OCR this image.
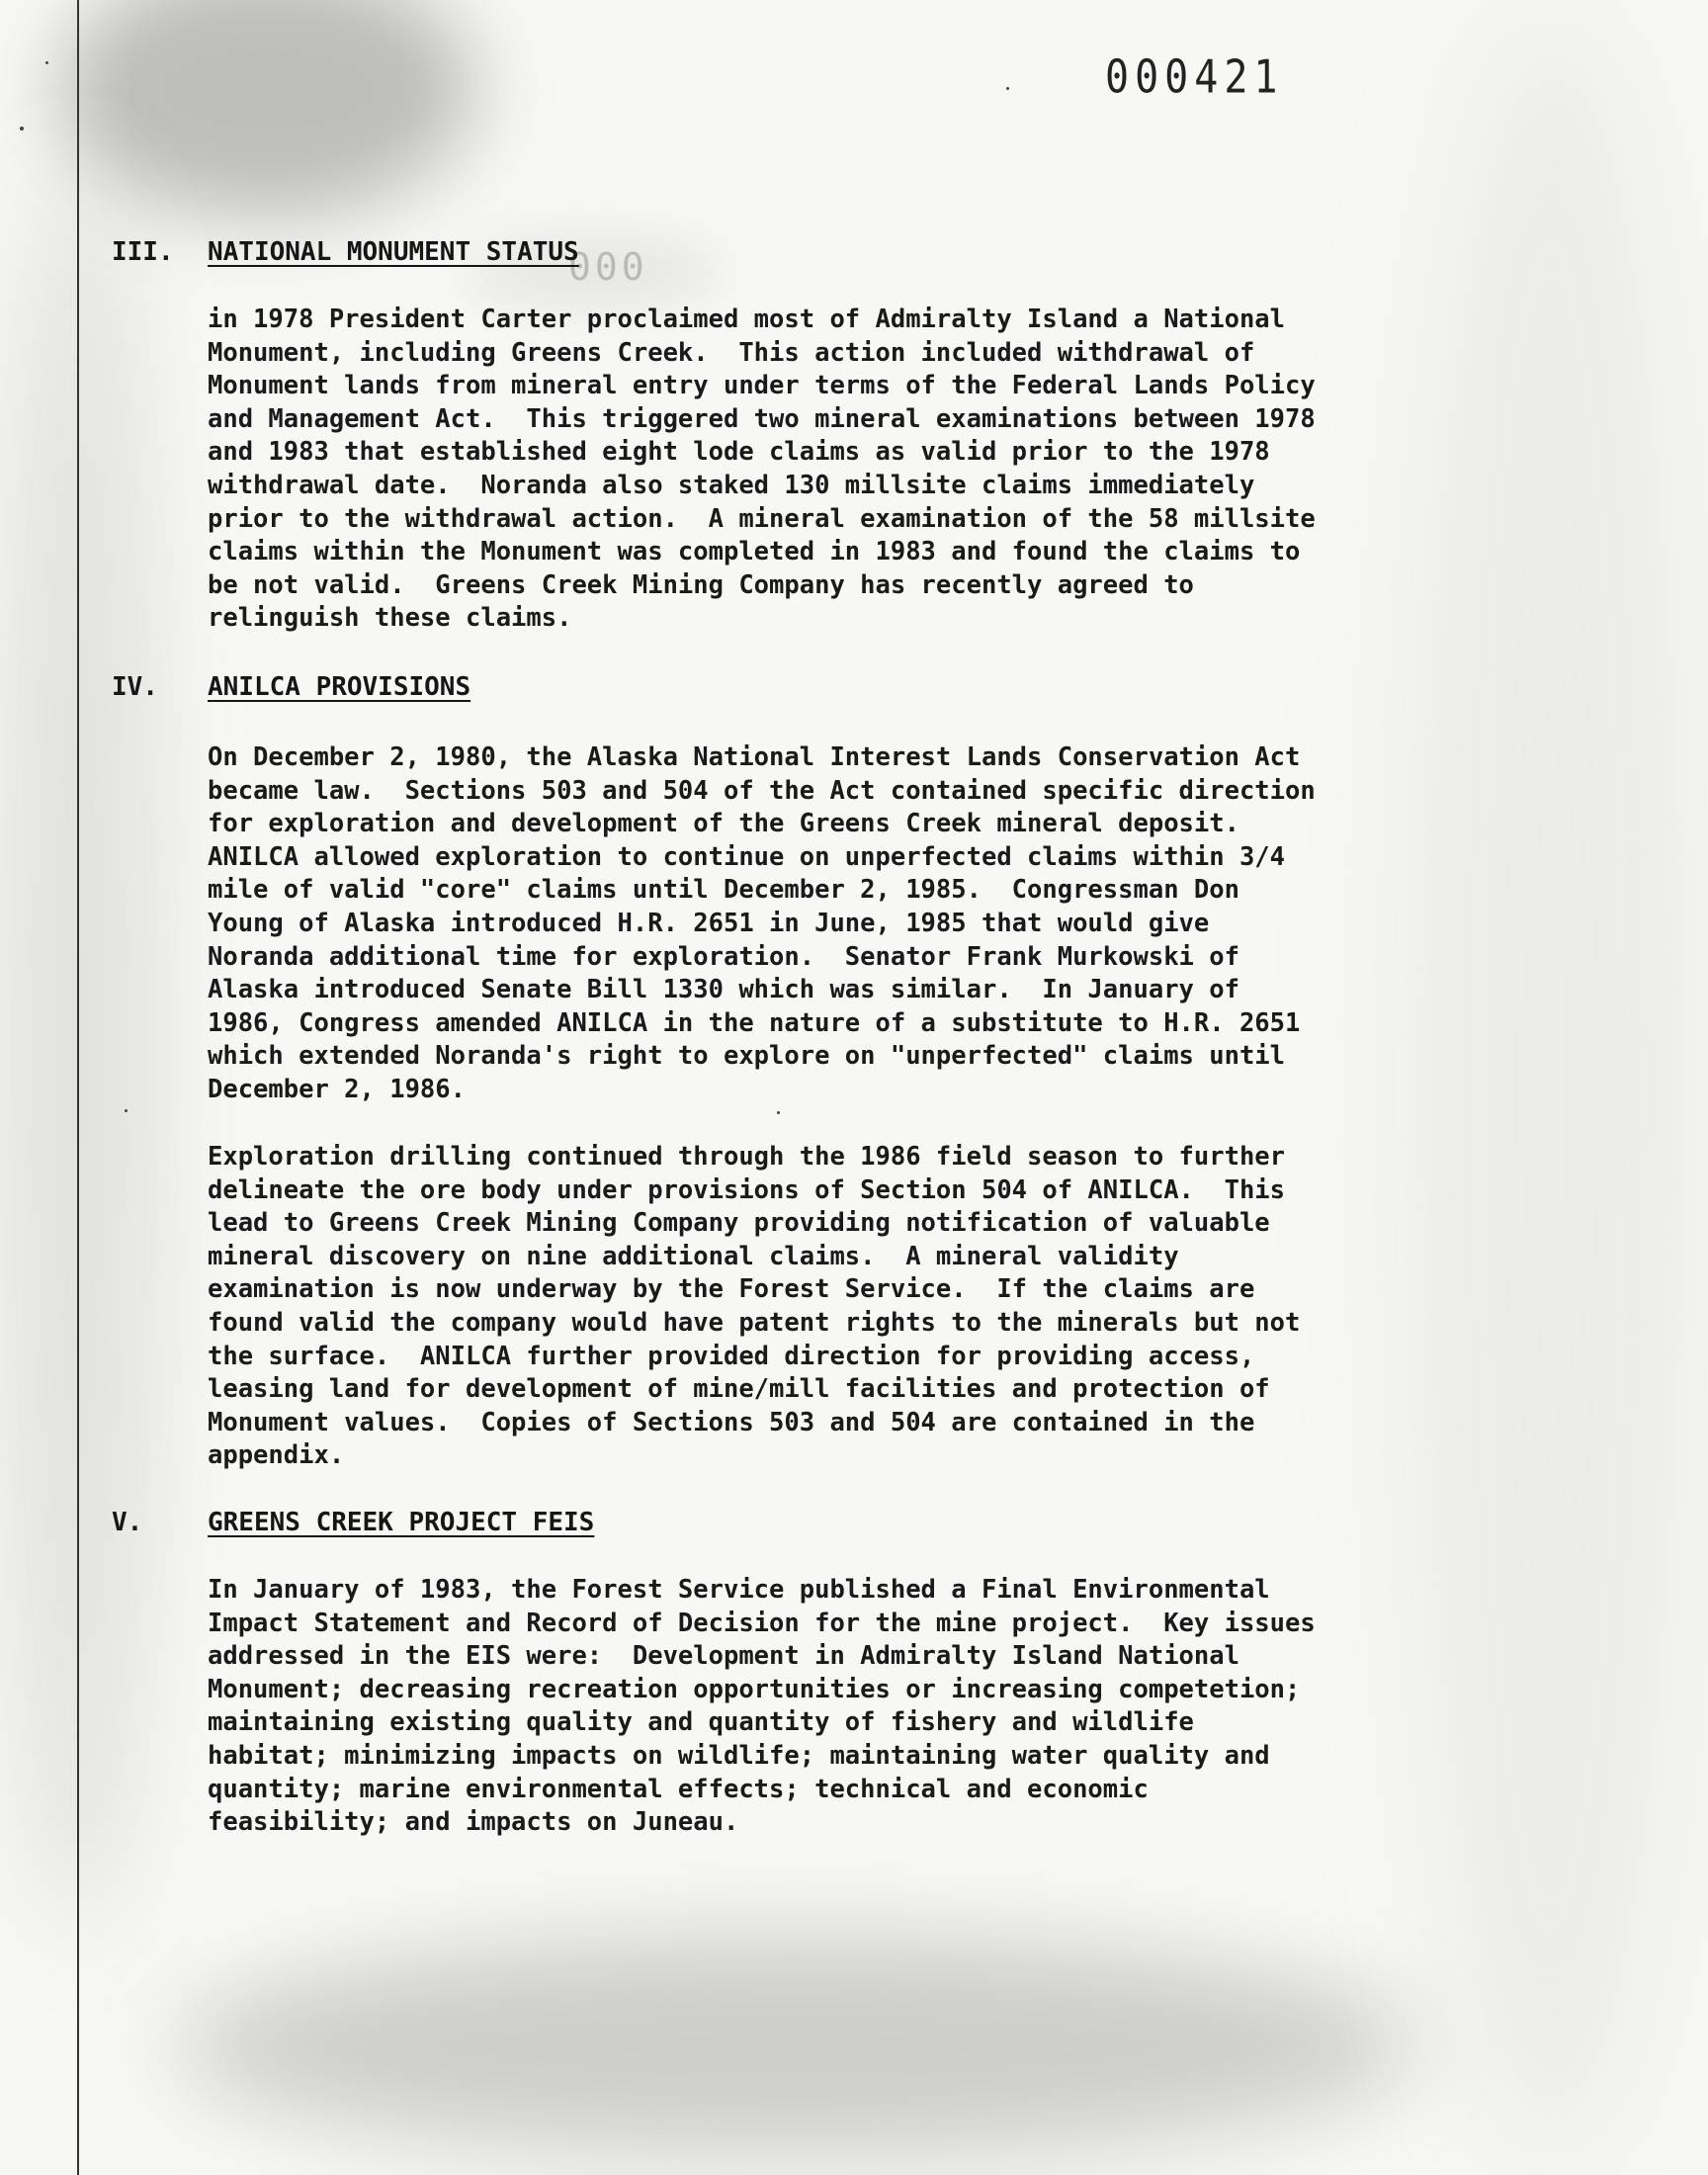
000421
000
III. NATIONAL MONUMENT STATUS
in 1978 President Carter proclaimed most of Admiralty Island a National
Monument, including Greens Creek.  This action included withdrawal of
Monument lands from mineral entry under terms of the Federal Lands Policy
and Management Act.  This triggered two mineral examinations between 1978
and 1983 that established eight lode claims as valid prior to the 1978
withdrawal date.  Noranda also staked 130 millsite claims immediately
prior to the withdrawal action.  A mineral examination of the 58 millsite
claims within the Monument was completed in 1983 and found the claims to
be not valid.  Greens Creek Mining Company has recently agreed to
relinguish these claims.
IV. ANILCA PROVISIONS
On December 2, 1980, the Alaska National Interest Lands Conservation Act
became law.  Sections 503 and 504 of the Act contained specific direction
for exploration and development of the Greens Creek mineral deposit.
ANILCA allowed exploration to continue on unperfected claims within 3/4
mile of valid "core" claims until December 2, 1985.  Congressman Don
Young of Alaska introduced H.R. 2651 in June, 1985 that would give
Noranda additional time for exploration.  Senator Frank Murkowski of
Alaska introduced Senate Bill 1330 which was similar.  In January of
1986, Congress amended ANILCA in the nature of a substitute to H.R. 2651
which extended Noranda's right to explore on "unperfected" claims until
December 2, 1986.
Exploration drilling continued through the 1986 field season to further
delineate the ore body under provisions of Section 504 of ANILCA.  This
lead to Greens Creek Mining Company providing notification of valuable
mineral discovery on nine additional claims.  A mineral validity
examination is now underway by the Forest Service.  If the claims are
found valid the company would have patent rights to the minerals but not
the surface.  ANILCA further provided direction for providing access,
leasing land for development of mine/mill facilities and protection of
Monument values.  Copies of Sections 503 and 504 are contained in the
appendix.
V.	GREENS CREEK PROJECT FEIS
In January of 1983, the Forest Service published a Final Environmental
Impact Statement and Record of Decision for the mine project.  Key issues
addressed in the EIS were:  Development in Admiralty Island National
Monument; decreasing recreation opportunities or increasing competetion;
maintaining existing quality and quantity of fishery and wildlife
habitat; minimizing impacts on wildlife; maintaining water quality and
quantity; marine environmental effects; technical and economic
feasibility; and impacts on Juneau.
